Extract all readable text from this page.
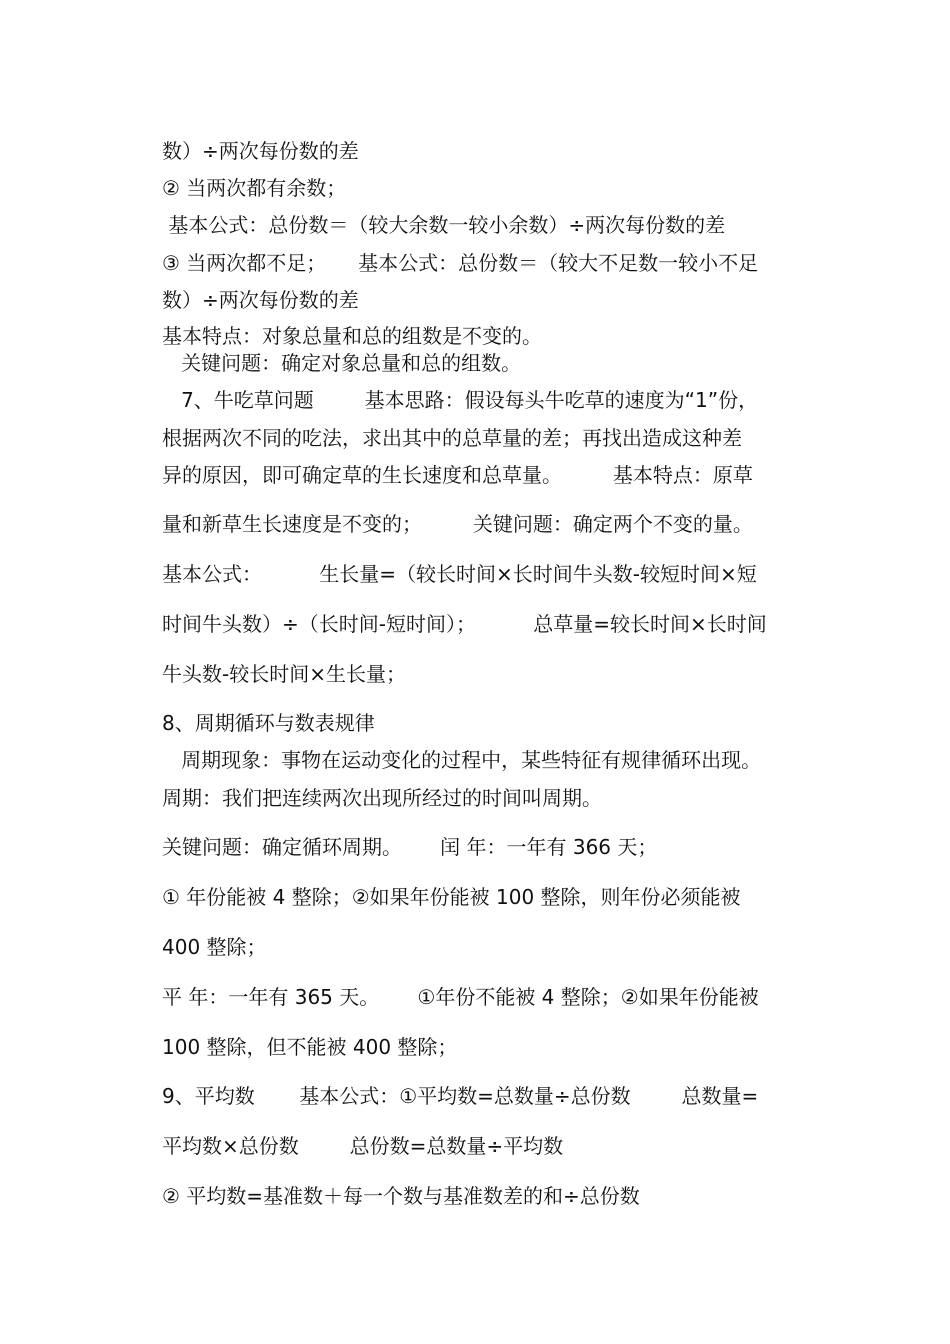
数）÷两次每份数的差
② 当两次都有余数；
基本公式：总份数＝（较大余数一较小余数）÷两次每份数的差
③ 当两次都不足；     基本公式：总份数＝（较大不足数一较小不足
数）÷两次每份数的差
基本特点：对象总量和总的组数是不变的。
关键问题：确定对象总量和总的组数。
7、牛吃草问题        基本思路：假设每头牛吃草的速度为“1”份，
根据两次不同的吃法，求出其中的总草量的差；再找出造成这种差
异的原因，即可确定草的生长速度和总草量。        基本特点：原草
量和新草生长速度是不变的；        关键问题：确定两个不变的量。
基本公式：         生长量=（较长时间×长时间牛头数-较短时间×短
时间牛头数）÷（长时间-短时间）；         总草量=较长时间×长时间
牛头数-较长时间×生长量；
8、周期循环与数表规律
周期现象：事物在运动变化的过程中，某些特征有规律循环出现。
周期：我们把连续两次出现所经过的时间叫周期。
关键问题：确定循环周期。      闰 年：一年有 366 天；
① 年份能被 4 整除；②如果年份能被 100 整除，则年份必须能被
400 整除；
平 年：一年有 365 天。      ①年份不能被 4 整除；②如果年份能被
100 整除，但不能被 400 整除；
9、平均数       基本公式：①平均数=总数量÷总份数        总数量=
平均数×总份数        总份数=总数量÷平均数
② 平均数=基准数＋每一个数与基准数差的和÷总份数
